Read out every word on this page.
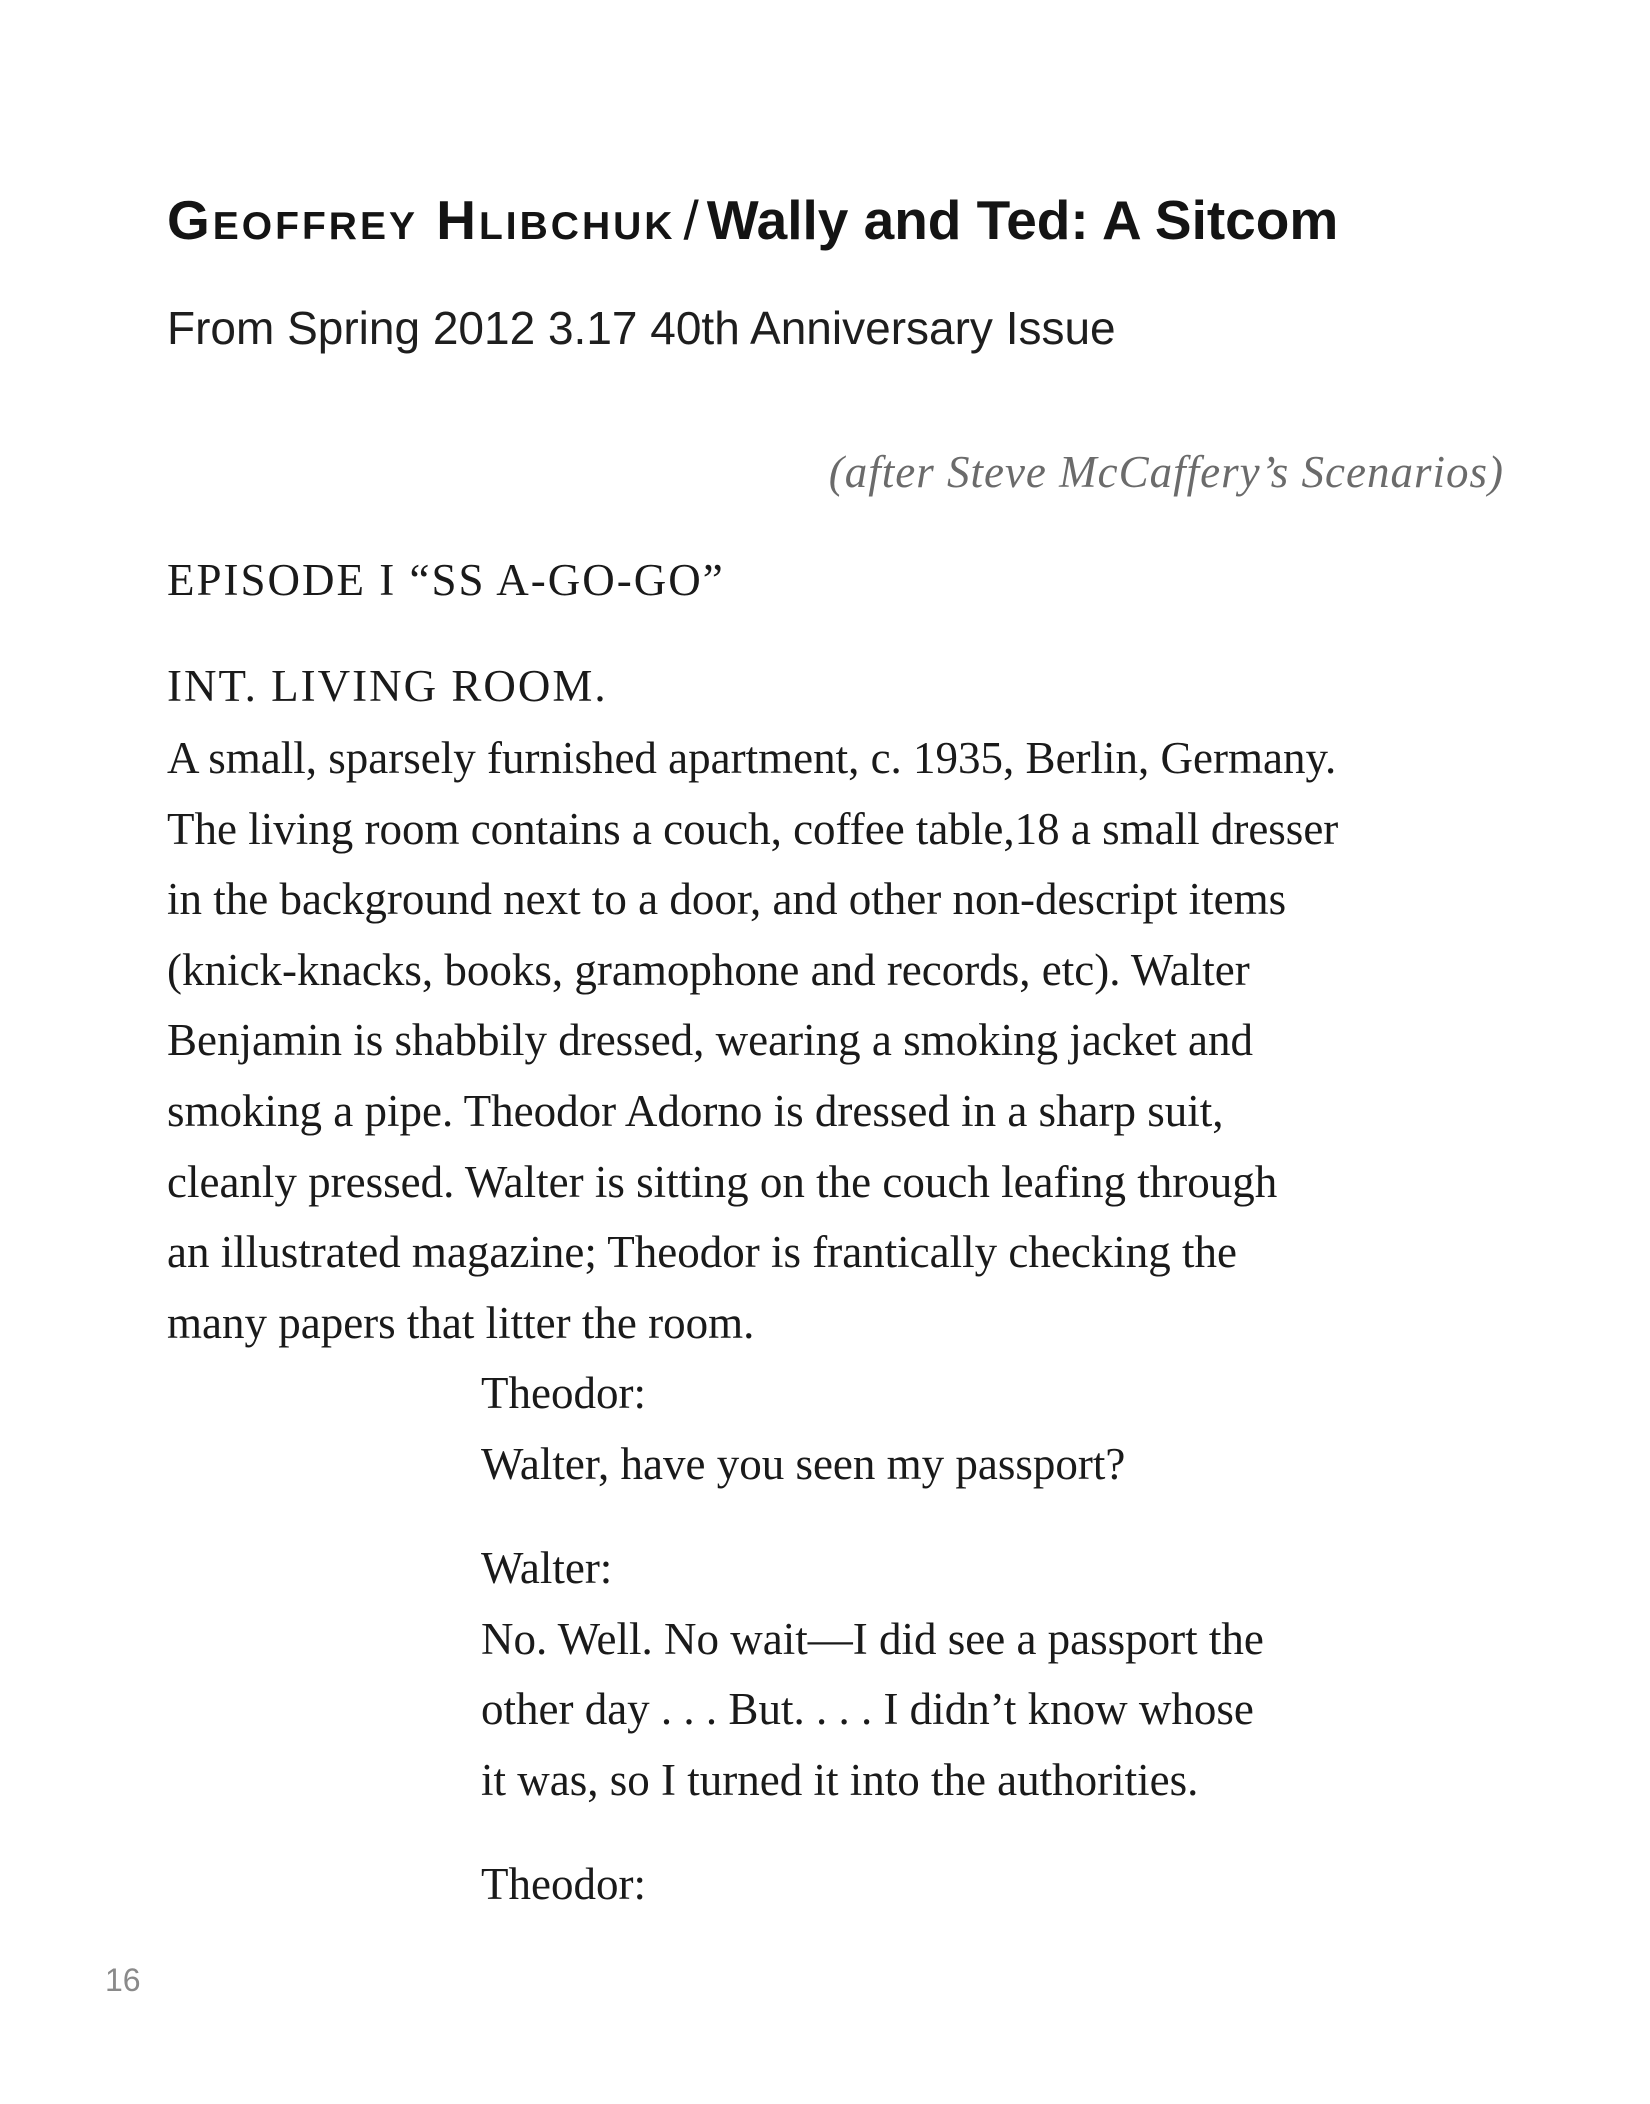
Geoffrey Hlibchuk / Wally and Ted: A Sitcom

From Spring 2012 3.17 40th Anniversary Issue

(after Steve McCaffery’s Scenarios)

EPISODE I “SS A-GO-GO”

INT. LIVING ROOM.

A small, sparsely furnished apartment, c. 1935, Berlin, Germany.
The living room contains a couch, coffee table,18 a small dresser
in the background next to a door, and other non-descript items
(knick-knacks, books, gramophone and records, etc). Walter
Benjamin is shabbily dressed, wearing a smoking jacket and
smoking a pipe. Theodor Adorno is dressed in a sharp suit,
cleanly pressed. Walter is sitting on the couch leafing through
an illustrated magazine; Theodor is frantically checking the
many papers that litter the room.

Theodor:
Walter, have you seen my passport?
Walter:
No. Well. No wait—I did see a passport the
other day . . . But. . . . I didn’t know whose
it was, so I turned it into the authorities.
Theodor:

16
